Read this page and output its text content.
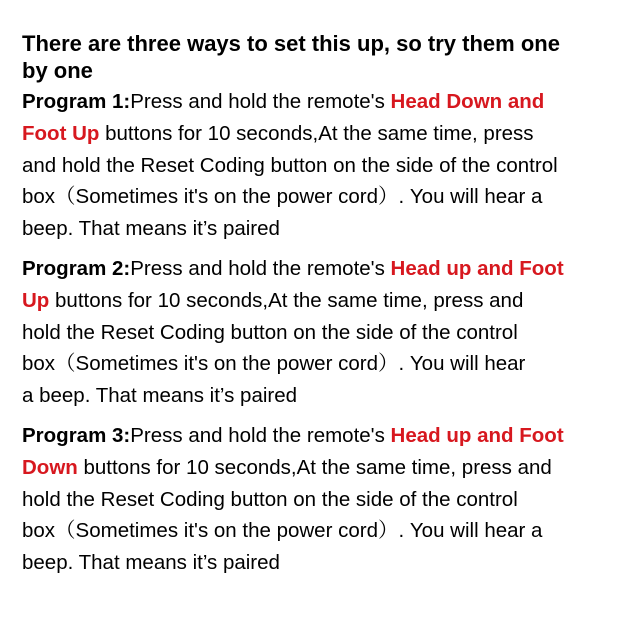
There are three ways to set this up, so try them one
by one
Program 1:Press and hold the remote's Head Down and
Foot Up buttons for 10 seconds,At the same time, press
and hold the Reset Coding button on the side of the control
box（Sometimes it's on the power cord）. You will hear a
beep. That means it’s paired
Program 2:Press and hold the remote's Head up and Foot
Up buttons for 10 seconds,At the same time, press and
hold the Reset Coding button on the side of the control
box（Sometimes it's on the power cord）. You will hear
a beep. That means it’s paired
Program 3:Press and hold the remote's Head up and Foot
Down buttons for 10 seconds,At the same time, press and
hold the Reset Coding button on the side of the control
box（Sometimes it's on the power cord）. You will hear a
beep. That means it’s paired
